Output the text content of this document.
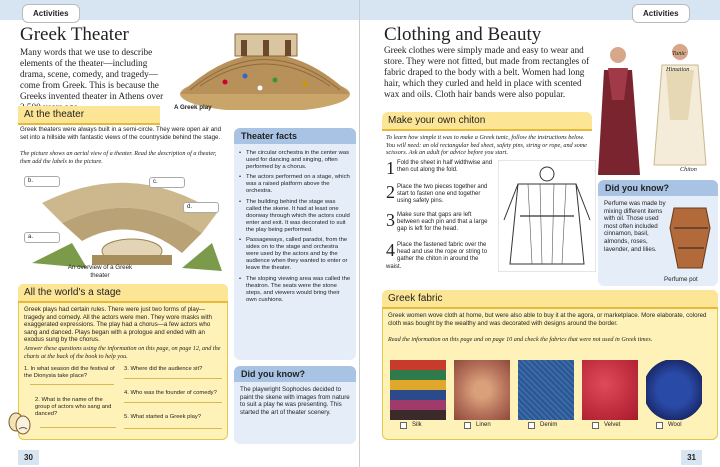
Activities
Greek Theater

Many words that we use to describe elements of the theater—including drama, scene, comedy, and tragedy—come from Greek. This is because the Greeks invented theater in Athens over

A Greek play
At the theater

Greek theaters were always built in a semi-circle. They were open air and set into a hillside with fantastic views of the countryside behind the stage.

The picture shows an aerial view of a theater. Read the description of a theater, then add the labels to the picture.

b.	c.
d.
a.
An overview of a Greek theater
• The circular orchestra in the center was used for dancing and singing, often performed by a chorus.
• The actors performed on a stage, which was a raised platform above the orchestra.
• The building behind the stage was called the skene. It had at least one doorway through which the actors could enter and exit. It was decorated to suit the play being performed.
• Passageways, called paradoi, from the sides on to the stage and orchestra were used by the actors and by the audience when they wanted to enter or leave the theater.
• The sloping viewing area was called the theatron. The seats were the stone steps, and viewers would bring their own cushions.
Theater facts
All the world's a stage

Greek plays had certain rules. There were just two forms of play—tragedy and comedy. All the actors were men. They wore masks with exaggerated expressions. The play had a chorus—a few actors who sang and danced. Plays began with a prologue and ended with an exodus sung by the chorus.

Answer these questions using the information on this page, on page 12, and the charts at the back of the book to help you.

1. In what season did the festival of the Dionysia take place?
2. What is the name of the group of actors who sang and danced?
3. Where did the audience sit?
4. Who was the founder of comedy?
5. What started a Greek play?
Did you know?

The playwright Sophocles decided to paint the skene with images from nature to suit a play he was presenting. This started the art of theater scenery.

30
Activities
Clothing and Beauty

Greek clothes were simply made and easy to wear and store. They were not fitted, but made from rectangles of fabric draped to the body with a belt. Women had long hair, which they curled and held in place with scented wax and oils. Cloth hair bands were also popular.

Tunic
Himation
Chiton
Make your own chiton

To learn how simple it was to make a Greek tunic, follow the instructions below. You will need: an old rectangular bed sheet, safety pins, string or rope, and some scissors. Ask an adult for advice before you start.

1 Fold the sheet in half widthwise and then cut along the fold.
2 Place the two pieces together and start to fasten one end together using safety pins.
3 Make sure that gaps are left between each pin and that a large gap is left for the head.
4 Place the fastened fabric over the head and use the rope or string to gather the chiton in around the waist.
Did you know?

Perfume was made by mixing different items with oil. Those used most often included cinnamon, basil, almonds, roses, lavender, and lilies.

Perfume pot
Greek fabric

Greek women wove cloth at home, but were also able to buy it at the agora, or marketplace. More elaborate, colored cloth was bought by the wealthy and was decorated with designs around the border.

Read the information on this page and on page 10 and check the fabrics that were not used in Greek times.

Silk	Linen	Denim	Velvet	Wool
31
